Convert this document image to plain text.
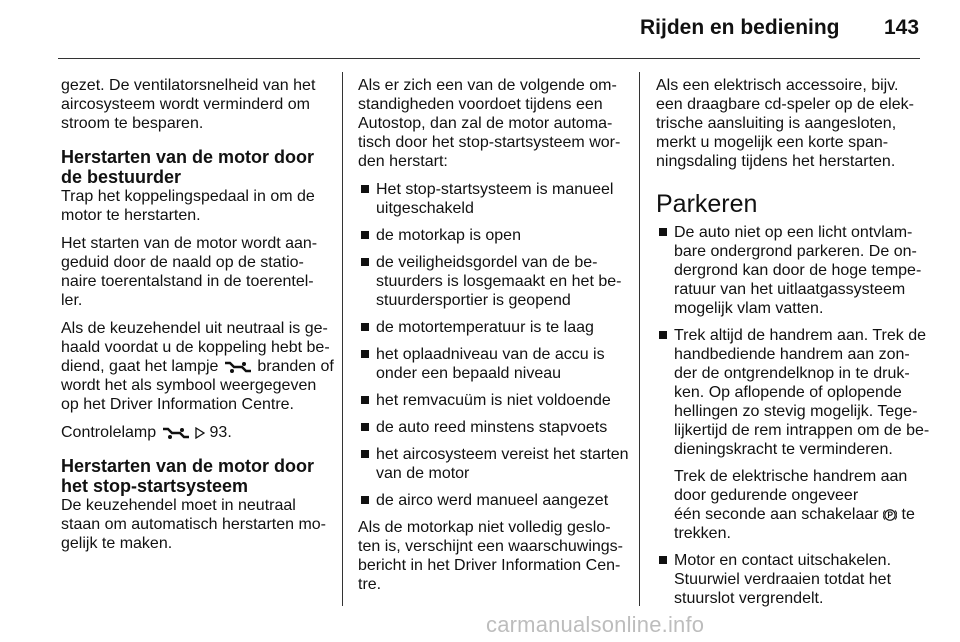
Rijden en bediening 143

gezet. De ventilatorsnelheid van het
aircosysteem wordt verminderd om
stroom te besparen.

Herstarten van de motor door de bestuurder

Trap het koppelingspedaal in om de
motor te herstarten.

Het starten van de motor wordt aan-
geduid door de naald op de statio-
naire toerentalstand in de toerentel-
ler.

Als de keuzehendel uit neutraal is ge-
haald voordat u de koppeling hebt be-
diend, gaat het lampje branden of
wordt het als symbool weergegeven
op het Driver Information Centre.

Controlelamp	93.

Herstarten van de motor door het stop-startsysteem

De keuzehendel moet in neutraal
staan om automatisch herstarten mo-
gelijk te maken.

Als er zich een van de volgende om-
standigheden voordoet tijdens een
Autostop, dan zal de motor automa-
tisch door het stop-startsysteem wor-
den herstart:

Het stop-startsysteem is manueel
uitgeschakeld
de motorkap is open
de veiligheidsgordel van de be-
stuurders is losgemaakt en het be-
stuurdersportier is geopend
de motortemperatuur is te laag
het oplaadniveau van de accu is
onder een bepaald niveau
het remvacuüm is niet voldoende
de auto reed minstens stapvoets
het aircosysteem vereist het starten
van de motor
de airco werd manueel aangezet

Als de motorkap niet volledig geslo-
ten is, verschijnt een waarschuwings-
bericht in het Driver Information Cen-
tre.

Als een elektrisch accessoire, bijv.
een draagbare cd-speler op de elek-
trische aansluiting is aangesloten,
merkt u mogelijk een korte span-
ningsdaling tijdens het herstarten.

Parkeren
De auto niet op een licht ontvlam-
bare ondergrond parkeren. De on-
dergrond kan door de hoge tempe-
ratuur van het uitlaatgassysteem
mogelijk vlam vatten.
Trek altijd de handrem aan. Trek de
handbediende handrem aan zon-
der de ontgrendelknop in te druk-
ken. Op aflopende of oplopende
hellingen zo stevig mogelijk. Tege-
lijkertijd de rem intrappen om de be-
dieningskracht te verminderen.
Trek de elektrische handrem aan
door gedurende ongeveer
één seconde aan schakelaar te
trekken.
Motor en contact uitschakelen.
Stuurwiel verdraaien totdat het
stuurslot vergrendelt.
carmanualsonline.info
